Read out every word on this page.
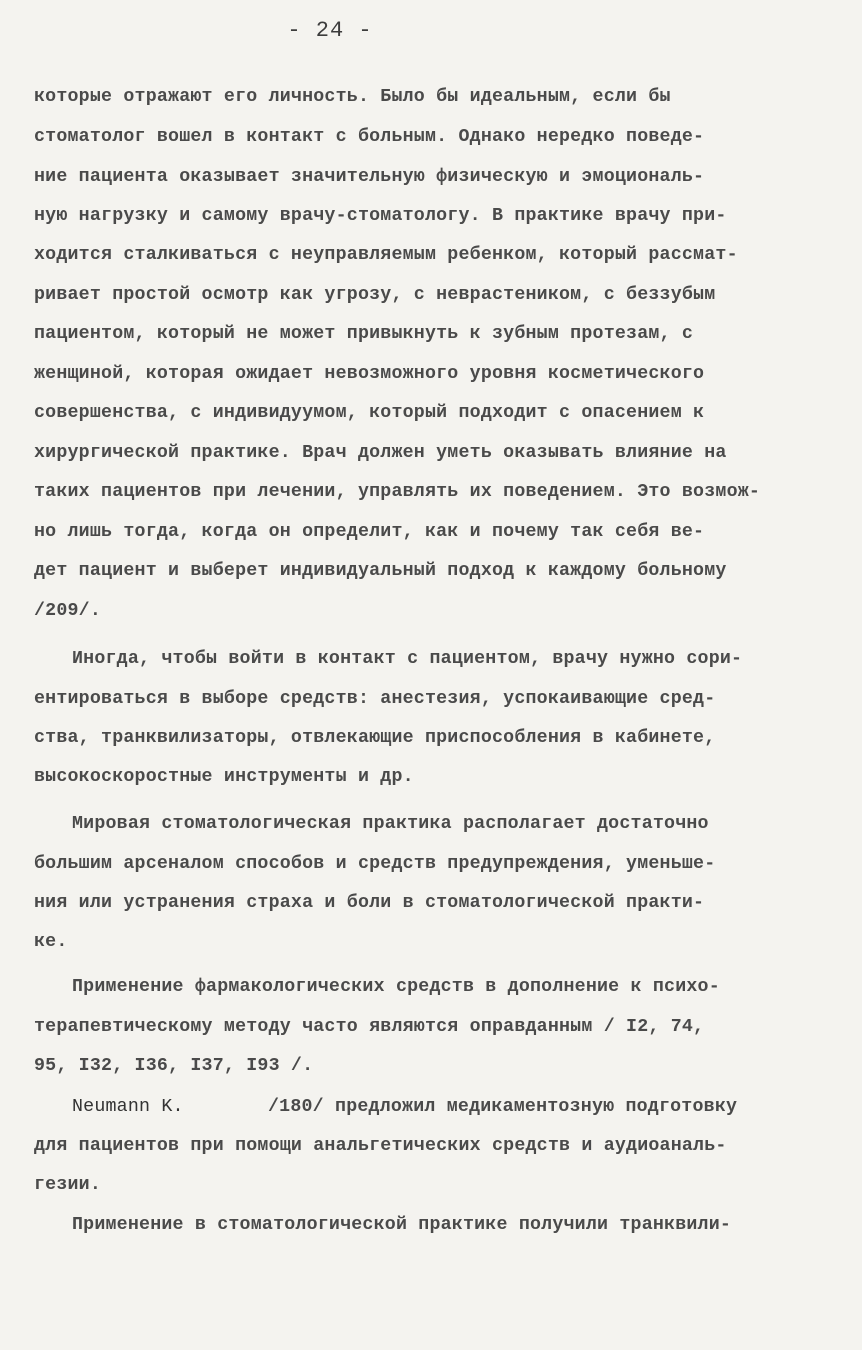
- 24 -
которые отражают его личность. Было бы идеальным, если бы
стоматолог вошел в контакт с больным. Однако нередко поведе-
ние пациента оказывает значительную физическую и эмоциональ-
ную нагрузку и самому врачу-стоматологу. В практике врачу при-
ходится сталкиваться с неуправляемым ребенком, который рассмат-
ривает простой осмотр как угрозу, с неврастеником, с беззубым
пациентом, который не может привыкнуть к зубным протезам, с
женщиной, которая ожидает невозможного уровня косметического
совершенства, с индивидуумом, который подходит с опасением к
хирургической практике. Врач должен уметь оказывать влияние на
таких пациентов при лечении, управлять их поведением. Это возмож-
но лишь тогда, когда он определит, как и почему так себя ве-
дет пациент и выберет индивидуальный подход к каждому больному
/209/.
Иногда, чтобы войти в контакт с пациентом, врачу нужно сори-
ентироваться в выборе средств: анестезия, успокаивающие сред-
ства, транквилизаторы, отвлекающие приспособления в кабинете,
высокоскоростные инструменты и др.
Мировая стоматологическая практика располагает достаточно
большим арсеналом способов и средств предупреждения, уменьше-
ния или устранения страха и боли в стоматологической практи-
ке.
Применение фармакологических средств в дополнение к психо-
терапевтическому методу часто являются оправданным / I2, 74,
95, I32, I36, I37, I93 /.
Neumann K.	/180/ предложил медикаментозную подготовку
для пациентов при помощи анальгетических средств и аудиоаналь-
гезии.
Применение в стоматологической практике получили транквили-
